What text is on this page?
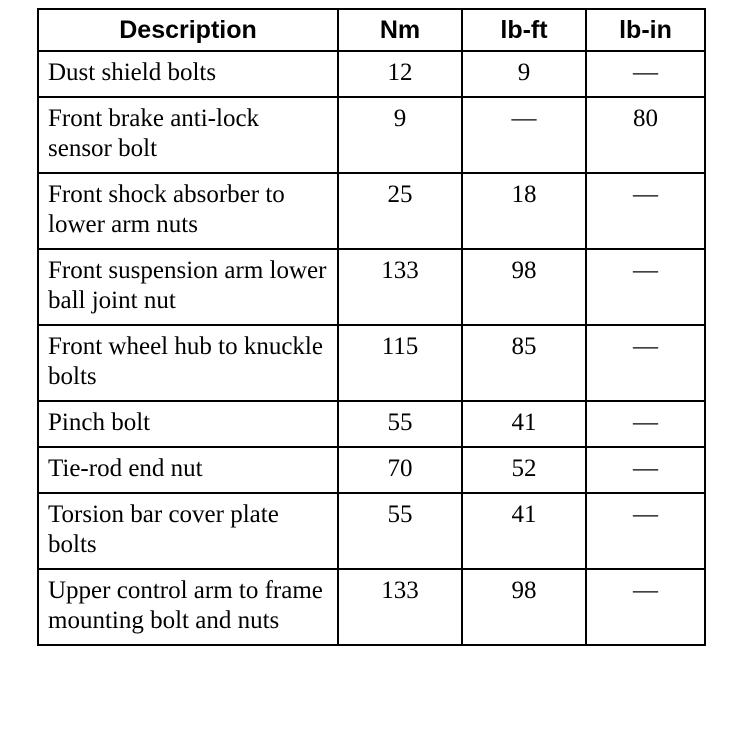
Description	Nm	lb-ft	lb-in
Dust shield bolts	12	9	—
Front brake anti-lock sensor bolt	9	—	80
Front shock absorber to lower arm nuts	25	18	—
Front suspension arm lower ball joint nut	133	98	—
Front wheel hub to knuckle bolts	115	85	—
Pinch bolt	55	41	—
Tie-rod end nut	70	52	—
Torsion bar cover plate bolts	55	41	—
Upper control arm to frame mounting bolt and nuts	133	98	—
